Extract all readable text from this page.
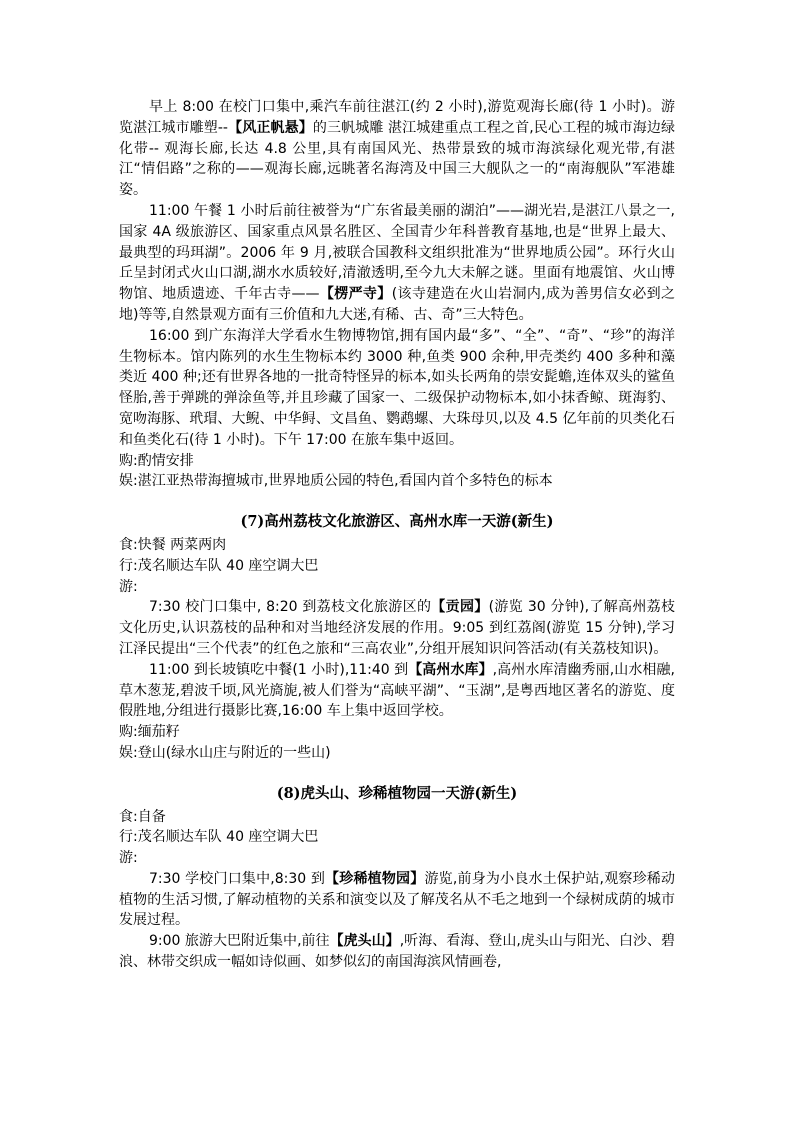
早上 8:00 在校门口集中,乘汽车前往湛江(约 2 小时),游览观海长廊(待 1 小时)。游览湛江城市雕塑--【风正帆悬】的三帆城雕 湛江城建重点工程之首,民心工程的城市海边绿化带-- 观海长廊,长达 4.8 公里,具有南国风光、热带景致的城市海滨绿化观光带,有湛江“情侣路”之称的——观海长廊,远眺著名海湾及中国三大舰队之一的“南海舰队”军港雄姿。

11:00 午餐 1 小时后前往被誉为“广东省最美丽的湖泊”——湖光岩,是湛江八景之一,国家 4A 级旅游区、国家重点风景名胜区、全国青少年科普教育基地,也是“世界上最大、最典型的玛珥湖”。2006 年 9 月,被联合国教科文组织批准为“世界地质公园”。环行火山丘呈封闭式火山口湖,湖水水质较好,清澈透明,至今九大未解之谜。里面有地震馆、火山博物馆、地质遗迹、千年古寺——【楞严寺】(该寺建造在火山岩洞内,成为善男信女必到之地)等等,自然景观方面有三价值和九大迷,有稀、古、奇”三大特色。

16:00 到广东海洋大学看水生物博物馆,拥有国内最“多”、“全”、“奇”、“珍”的海洋生物标本。馆内陈列的水生生物标本约 3000 种,鱼类 900 余种,甲壳类约 400 多种和藻类近 400 种;还有世界各地的一批奇特怪异的标本,如头长两角的崇安髭蟾,连体双头的鲨鱼怪胎,善于弹跳的弹涂鱼等,并且珍藏了国家一、二级保护动物标本,如小抹香鲸、斑海豹、宽吻海豚、玳瑁、大鲵、中华鲟、文昌鱼、鹦鹉螺、大珠母贝,以及 4.5 亿年前的贝类化石和鱼类化石(待 1 小时)。下午 17:00 在旅车集中返回。

购:酌情安排

娱:湛江亚热带海擅城市,世界地质公园的特色,看国内首个多特色的标本

(7)高州荔枝文化旅游区、高州水库一天游(新生)

食:快餐 两菜两肉

行:茂名顺达车队 40 座空调大巴

游:

7:30 校门口集中, 8:20 到荔枝文化旅游区的【贡园】(游览 30 分钟),了解高州荔枝文化历史,认识荔枝的品种和对当地经济发展的作用。9:05 到红荔阁(游览 15 分钟),学习江泽民提出“三个代表”的红色之旅和“三高农业”,分组开展知识问答活动(有关荔枝知识)。

11:00 到长坡镇吃中餐(1 小时),11:40 到【高州水库】,高州水库清幽秀丽,山水相融,草木葱茏,碧波千顷,风光旖旎,被人们誉为“高峡平湖”、“玉湖”,是粤西地区著名的游览、度假胜地,分组进行摄影比赛,16:00 车上集中返回学校。

购:缅茄籽

娱:登山(绿水山庄与附近的一些山)

(8)虎头山、珍稀植物园一天游(新生)

食:自备

行:茂名顺达车队 40 座空调大巴

游:

7:30 学校门口集中,8:30 到【珍稀植物园】游览,前身为小良水土保护站,观察珍稀动植物的生活习惯,了解动植物的关系和演变以及了解茂名从不毛之地到一个绿树成荫的城市发展过程。

9:00 旅游大巴附近集中,前往【虎头山】,听海、看海、登山,虎头山与阳光、白沙、碧浪、林带交织成一幅如诗似画、如梦似幻的南国海滨风情画卷,
